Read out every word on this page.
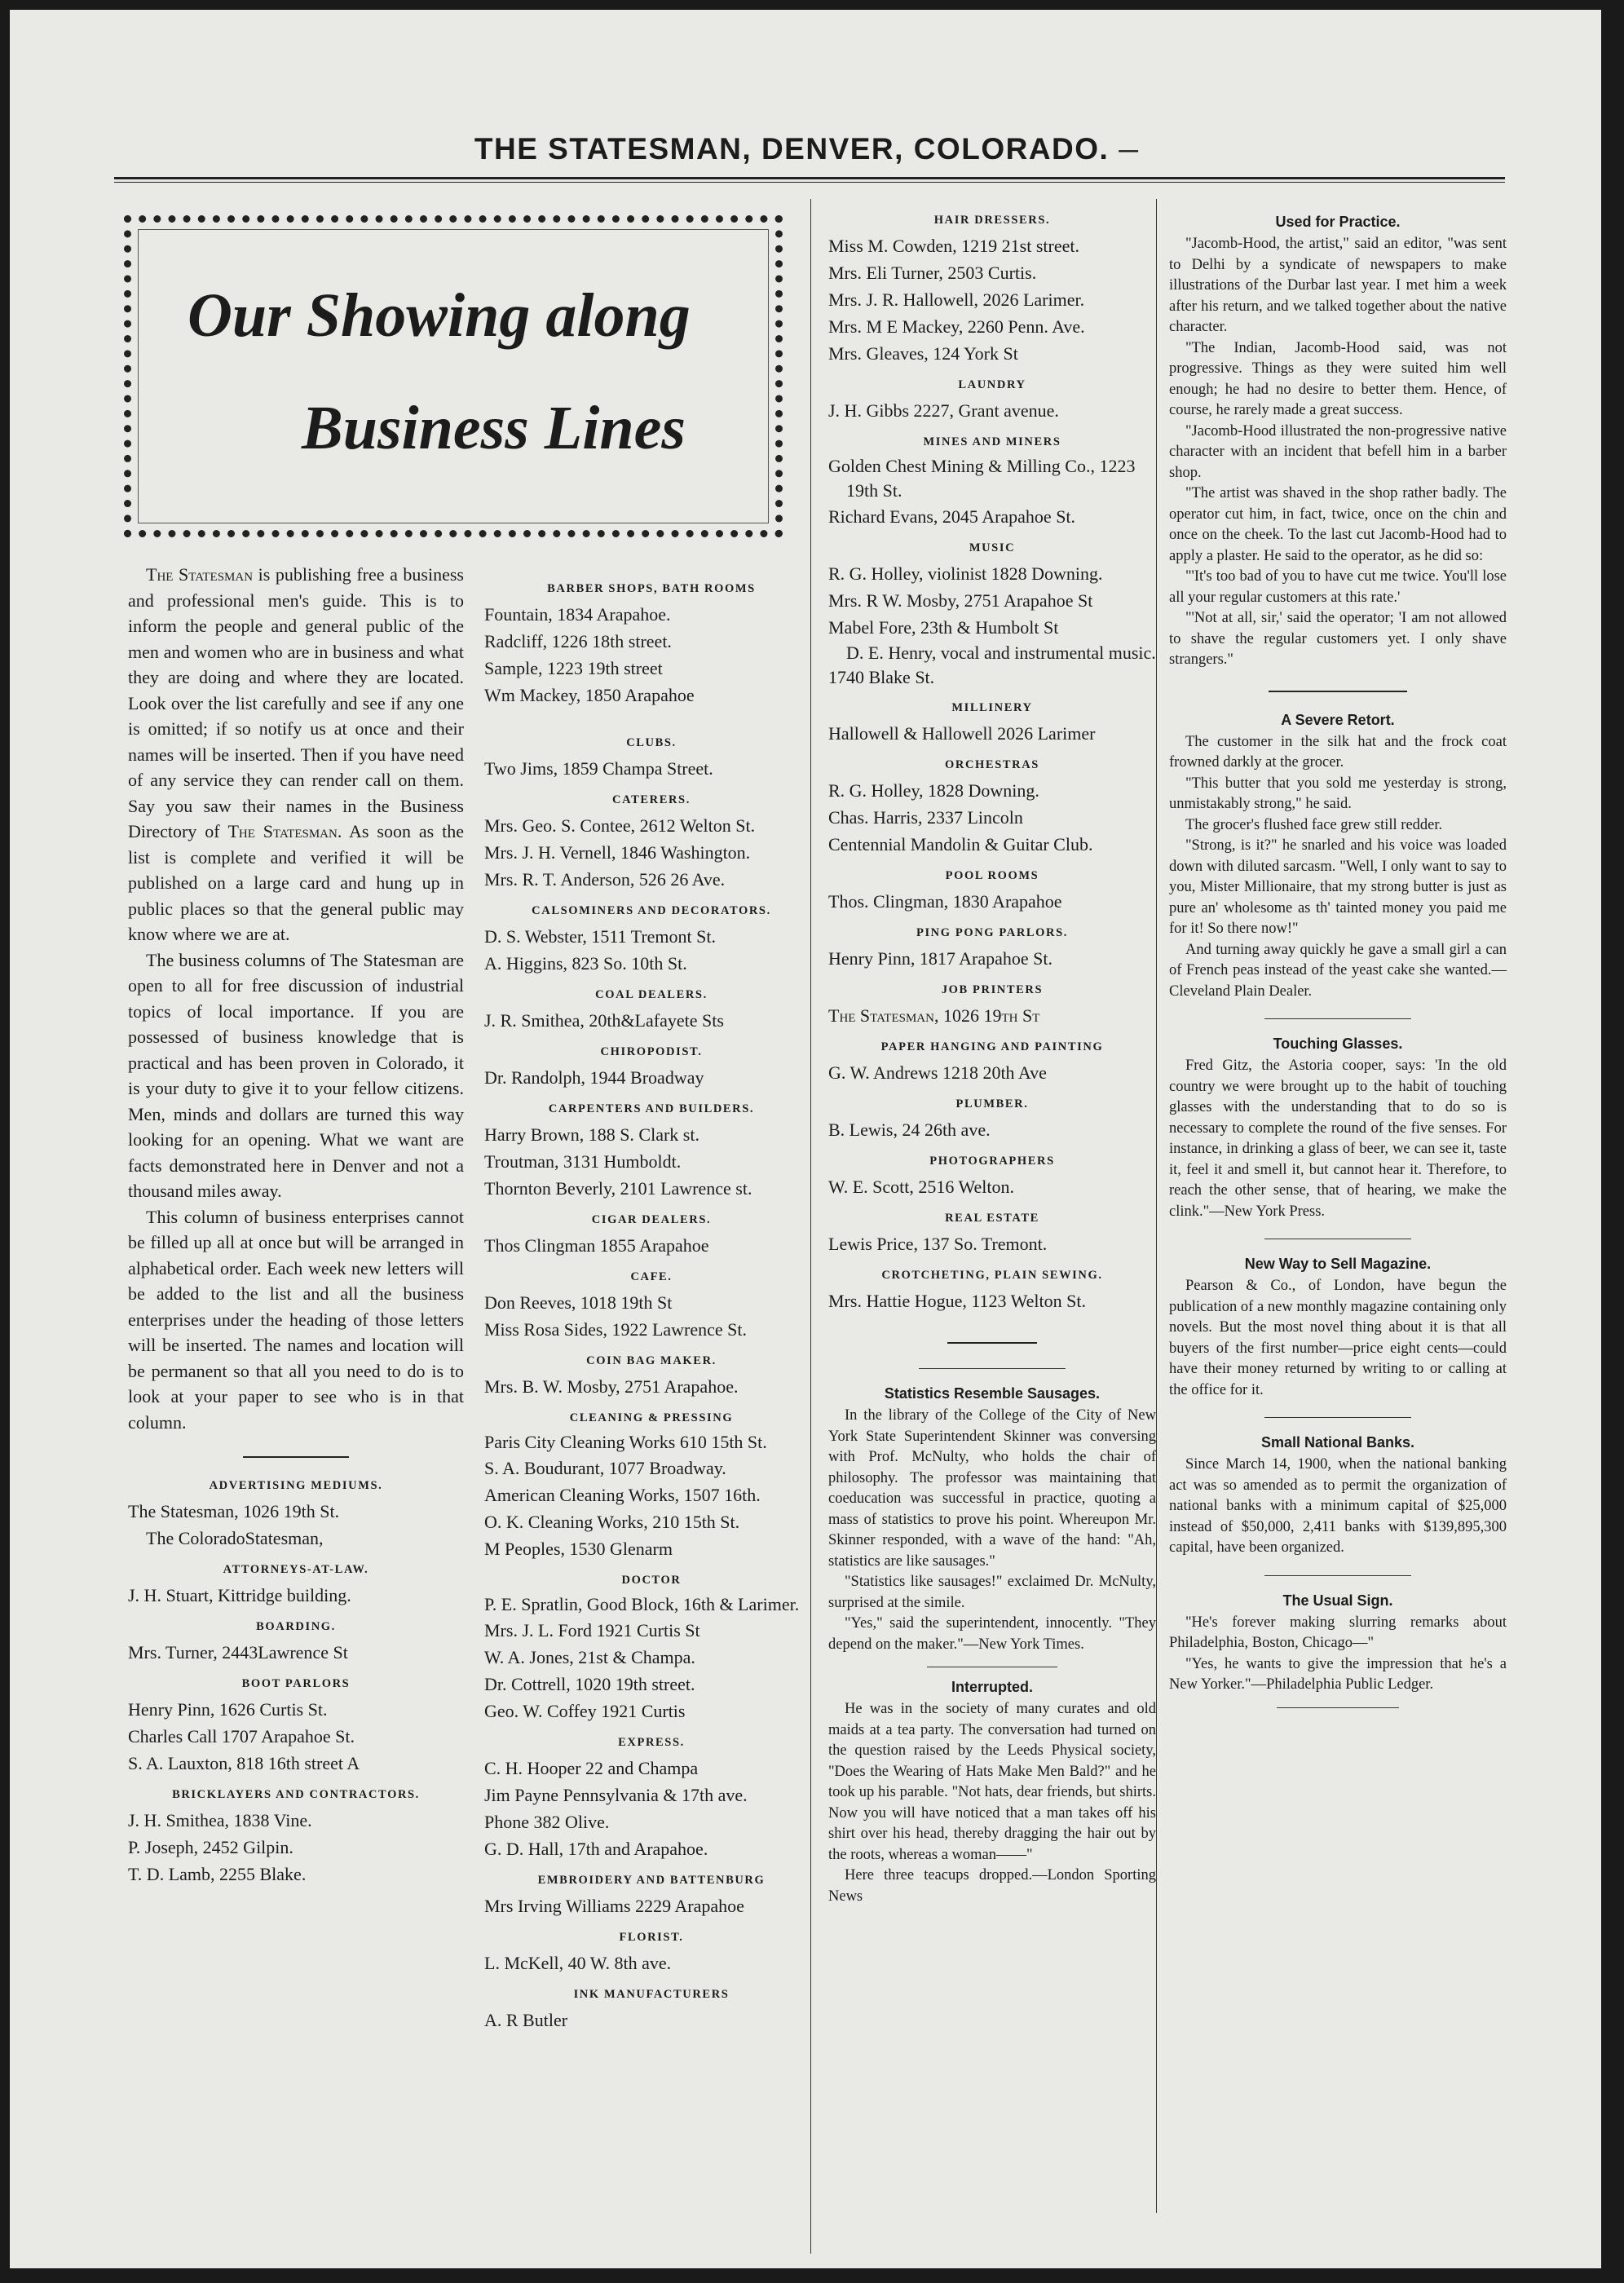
THE STATESMAN, DENVER, COLORADO. —
Our Showing along
Business Lines

The Statesman is publishing free a business and professional men's guide. This is to inform the people and general public of the men and women who are in business and what they are doing and where they are located. Look over the list carefully and see if any one is omitted; if so notify us at once and their names will be inserted. Then if you have need of any service they can render call on them. Say you saw their names in the Business Directory of The Statesman. As soon as the list is complete and verified it will be published on a large card and hung up in public places so that the general public may know where we are at.

The business columns of The Statesman are open to all for free discussion of industrial topics of local importance. If you are possessed of business knowledge that is practical and has been proven in Colorado, it is your duty to give it to your fellow citizens. Men, minds and dollars are turned this way looking for an opening. What we want are facts demonstrated here in Denver and not a thousand miles away.

This column of business enterprises cannot be filled up all at once but will be arranged in alphabetical order. Each week new letters will be added to the list and all the business enterprises under the heading of those letters will be inserted. The names and location will be permanent so that all you need to do is to look at your paper to see who is in that column.

ADVERTISING MEDIUMS.
The Statesman, 1026 19th St.
The ColoradoStatesman,
ATTORNEYS-AT-LAW.
J. H. Stuart, Kittridge building.
BOARDING.
Mrs. Turner, 2443Lawrence St
BOOT PARLORS
Henry Pinn, 1626 Curtis St.
Charles Call 1707 Arapahoe St.
S. A. Lauxton, 818 16th street A
BRICKLAYERS AND CONTRACTORS.
J. H. Smithea, 1838 Vine.
P. Joseph, 2452 Gilpin.
T. D. Lamb, 2255 Blake.
BARBER SHOPS, BATH ROOMS
Fountain, 1834 Arapahoe.
Radcliff, 1226 18th street.
Sample, 1223 19th street
Wm Mackey, 1850 Arapahoe
CLUBS.
Two Jims, 1859 Champa Street.
CATERERS.
Mrs. Geo. S. Contee, 2612 Welton St.
Mrs. J. H. Vernell, 1846 Washington.
Mrs. R. T. Anderson, 526 26 Ave.
CALSOMINERS AND DECORATORS.
D. S. Webster, 1511 Tremont St.
A. Higgins, 823 So. 10th St.
COAL DEALERS.
J. R. Smithea, 20th&Lafayete Sts
CHIROPODIST.
Dr. Randolph, 1944 Broadway
CARPENTERS AND BUILDERS.
Harry Brown, 188 S. Clark st.
Troutman, 3131 Humboldt.
Thornton Beverly, 2101 Lawrence st.
CIGAR DEALERS.
Thos Clingman 1855 Arapahoe
CAFE.
Don Reeves, 1018 19th St
Miss Rosa Sides, 1922 Lawrence St.
COIN BAG MAKER.
Mrs. B. W. Mosby, 2751 Arapahoe.
CLEANING & PRESSING
Paris City Cleaning Works 610 15th St.
S. A. Boudurant, 1077 Broadway.
American Cleaning Works, 1507 16th.
O. K. Cleaning Works, 210 15th St.
M Peoples, 1530 Glenarm
DOCTOR
P. E. Spratlin, Good Block, 16th & Larimer.
Mrs. J. L. Ford 1921 Curtis St
W. A. Jones, 21st & Champa.
Dr. Cottrell, 1020 19th street.
Geo. W. Coffey 1921 Curtis
EXPRESS.
C. H. Hooper 22 and Champa
Jim Payne Pennsylvania & 17th ave.
Phone 382 Olive.
G. D. Hall, 17th and Arapahoe.
EMBROIDERY AND BATTENBURG
Mrs Irving Williams 2229 Arapahoe
FLORIST.
L. McKell, 40 W. 8th ave.
INK MANUFACTURERS
A. R Butler
HAIR DRESSERS.
Miss M. Cowden, 1219 21st street.
Mrs. Eli Turner, 2503 Curtis.
Mrs. J. R. Hallowell, 2026 Larimer.
Mrs. M E Mackey, 2260 Penn. Ave.
Mrs. Gleaves, 124 York St
LAUNDRY
J. H. Gibbs 2227, Grant avenue.
MINES AND MINERS
Golden Chest Mining & Milling Co., 1223 19th St.
Richard Evans, 2045 Arapahoe St.
MUSIC
R. G. Holley, violinist 1828 Downing.
Mrs. R W. Mosby, 2751 Arapahoe St
Mabel Fore, 23th & Humbolt St
D. E. Henry, vocal and instrumental music. 1740 Blake St.
MILLINERY
Hallowell & Hallowell 2026 Larimer
ORCHESTRAS
R. G. Holley, 1828 Downing.
Chas. Harris, 2337 Lincoln
Centennial Mandolin & Guitar Club.
POOL ROOMS
Thos. Clingman, 1830 Arapahoe
PING PONG PARLORS.
Henry Pinn, 1817 Arapahoe St.
JOB PRINTERS
The Statesman, 1026 19th St
PAPER HANGING AND PAINTING
G. W. Andrews 1218 20th Ave
PLUMBER.
B. Lewis, 24 26th ave.
PHOTOGRAPHERS
W. E. Scott, 2516 Welton.
REAL ESTATE
Lewis Price, 137 So. Tremont.
CROTCHETING, PLAIN SEWING.
Mrs. Hattie Hogue, 1123 Welton St.
Statistics Resemble Sausages.

In the library of the College of the City of New York State Superintendent Skinner was conversing with Prof. McNulty, who holds the chair of philosophy. The professor was maintaining that coeducation was successful in practice, quoting a mass of statistics to prove his point. Whereupon Mr. Skinner responded, with a wave of the hand: "Ah, statistics are like sausages."

"Statistics like sausages!" exclaimed Dr. McNulty, surprised at the simile.

"Yes," said the superintendent, innocently. "They depend on the maker."—New York Times.

Interrupted.

He was in the society of many curates and old maids at a tea party. The conversation had turned on the question raised by the Leeds Physical society, "Does the Wearing of Hats Make Men Bald?" and he took up his parable. "Not hats, dear friends, but shirts. Now you will have noticed that a man takes off his shirt over his head, thereby dragging the hair out by the roots, whereas a woman——"

Here three teacups dropped.—London Sporting News

Used for Practice.

"Jacomb-Hood, the artist," said an editor, "was sent to Delhi by a syndicate of newspapers to make illustrations of the Durbar last year. I met him a week after his return, and we talked together about the native character.

"The Indian, Jacomb-Hood said, was not progressive. Things as they were suited him well enough; he had no desire to better them. Hence, of course, he rarely made a great success.

"Jacomb-Hood illustrated the non-progressive native character with an incident that befell him in a barber shop.

"The artist was shaved in the shop rather badly. The operator cut him, in fact, twice, once on the chin and once on the cheek. To the last cut Jacomb-Hood had to apply a plaster. He said to the operator, as he did so:

"'It's too bad of you to have cut me twice. You'll lose all your regular customers at this rate.'

"'Not at all, sir,' said the operator; 'I am not allowed to shave the regular customers yet. I only shave strangers."

A Severe Retort.

The customer in the silk hat and the frock coat frowned darkly at the grocer.

"This butter that you sold me yesterday is strong, unmistakably strong," he said.

The grocer's flushed face grew still redder.

"Strong, is it?" he snarled and his voice was loaded down with diluted sarcasm. "Well, I only want to say to you, Mister Millionaire, that my strong butter is just as pure an' wholesome as th' tainted money you paid me for it! So there now!"

And turning away quickly he gave a small girl a can of French peas instead of the yeast cake she wanted.—Cleveland Plain Dealer.

Touching Glasses.

Fred Gitz, the Astoria cooper, says: 'In the old country we were brought up to the habit of touching glasses with the understanding that to do so is necessary to complete the round of the five senses. For instance, in drinking a glass of beer, we can see it, taste it, feel it and smell it, but cannot hear it. Therefore, to reach the other sense, that of hearing, we make the clink."—New York Press.

New Way to Sell Magazine.

Pearson & Co., of London, have begun the publication of a new monthly magazine containing only novels. But the most novel thing about it is that all buyers of the first number—price eight cents—could have their money returned by writing to or calling at the office for it.

Small National Banks.

Since March 14, 1900, when the national banking act was so amended as to permit the organization of national banks with a minimum capital of $25,000 instead of $50,000, 2,411 banks with $139,895,300 capital, have been organized.

The Usual Sign.

"He's forever making slurring remarks about Philadelphia, Boston, Chicago—"

"Yes, he wants to give the impression that he's a New Yorker."—Philadelphia Public Ledger.
